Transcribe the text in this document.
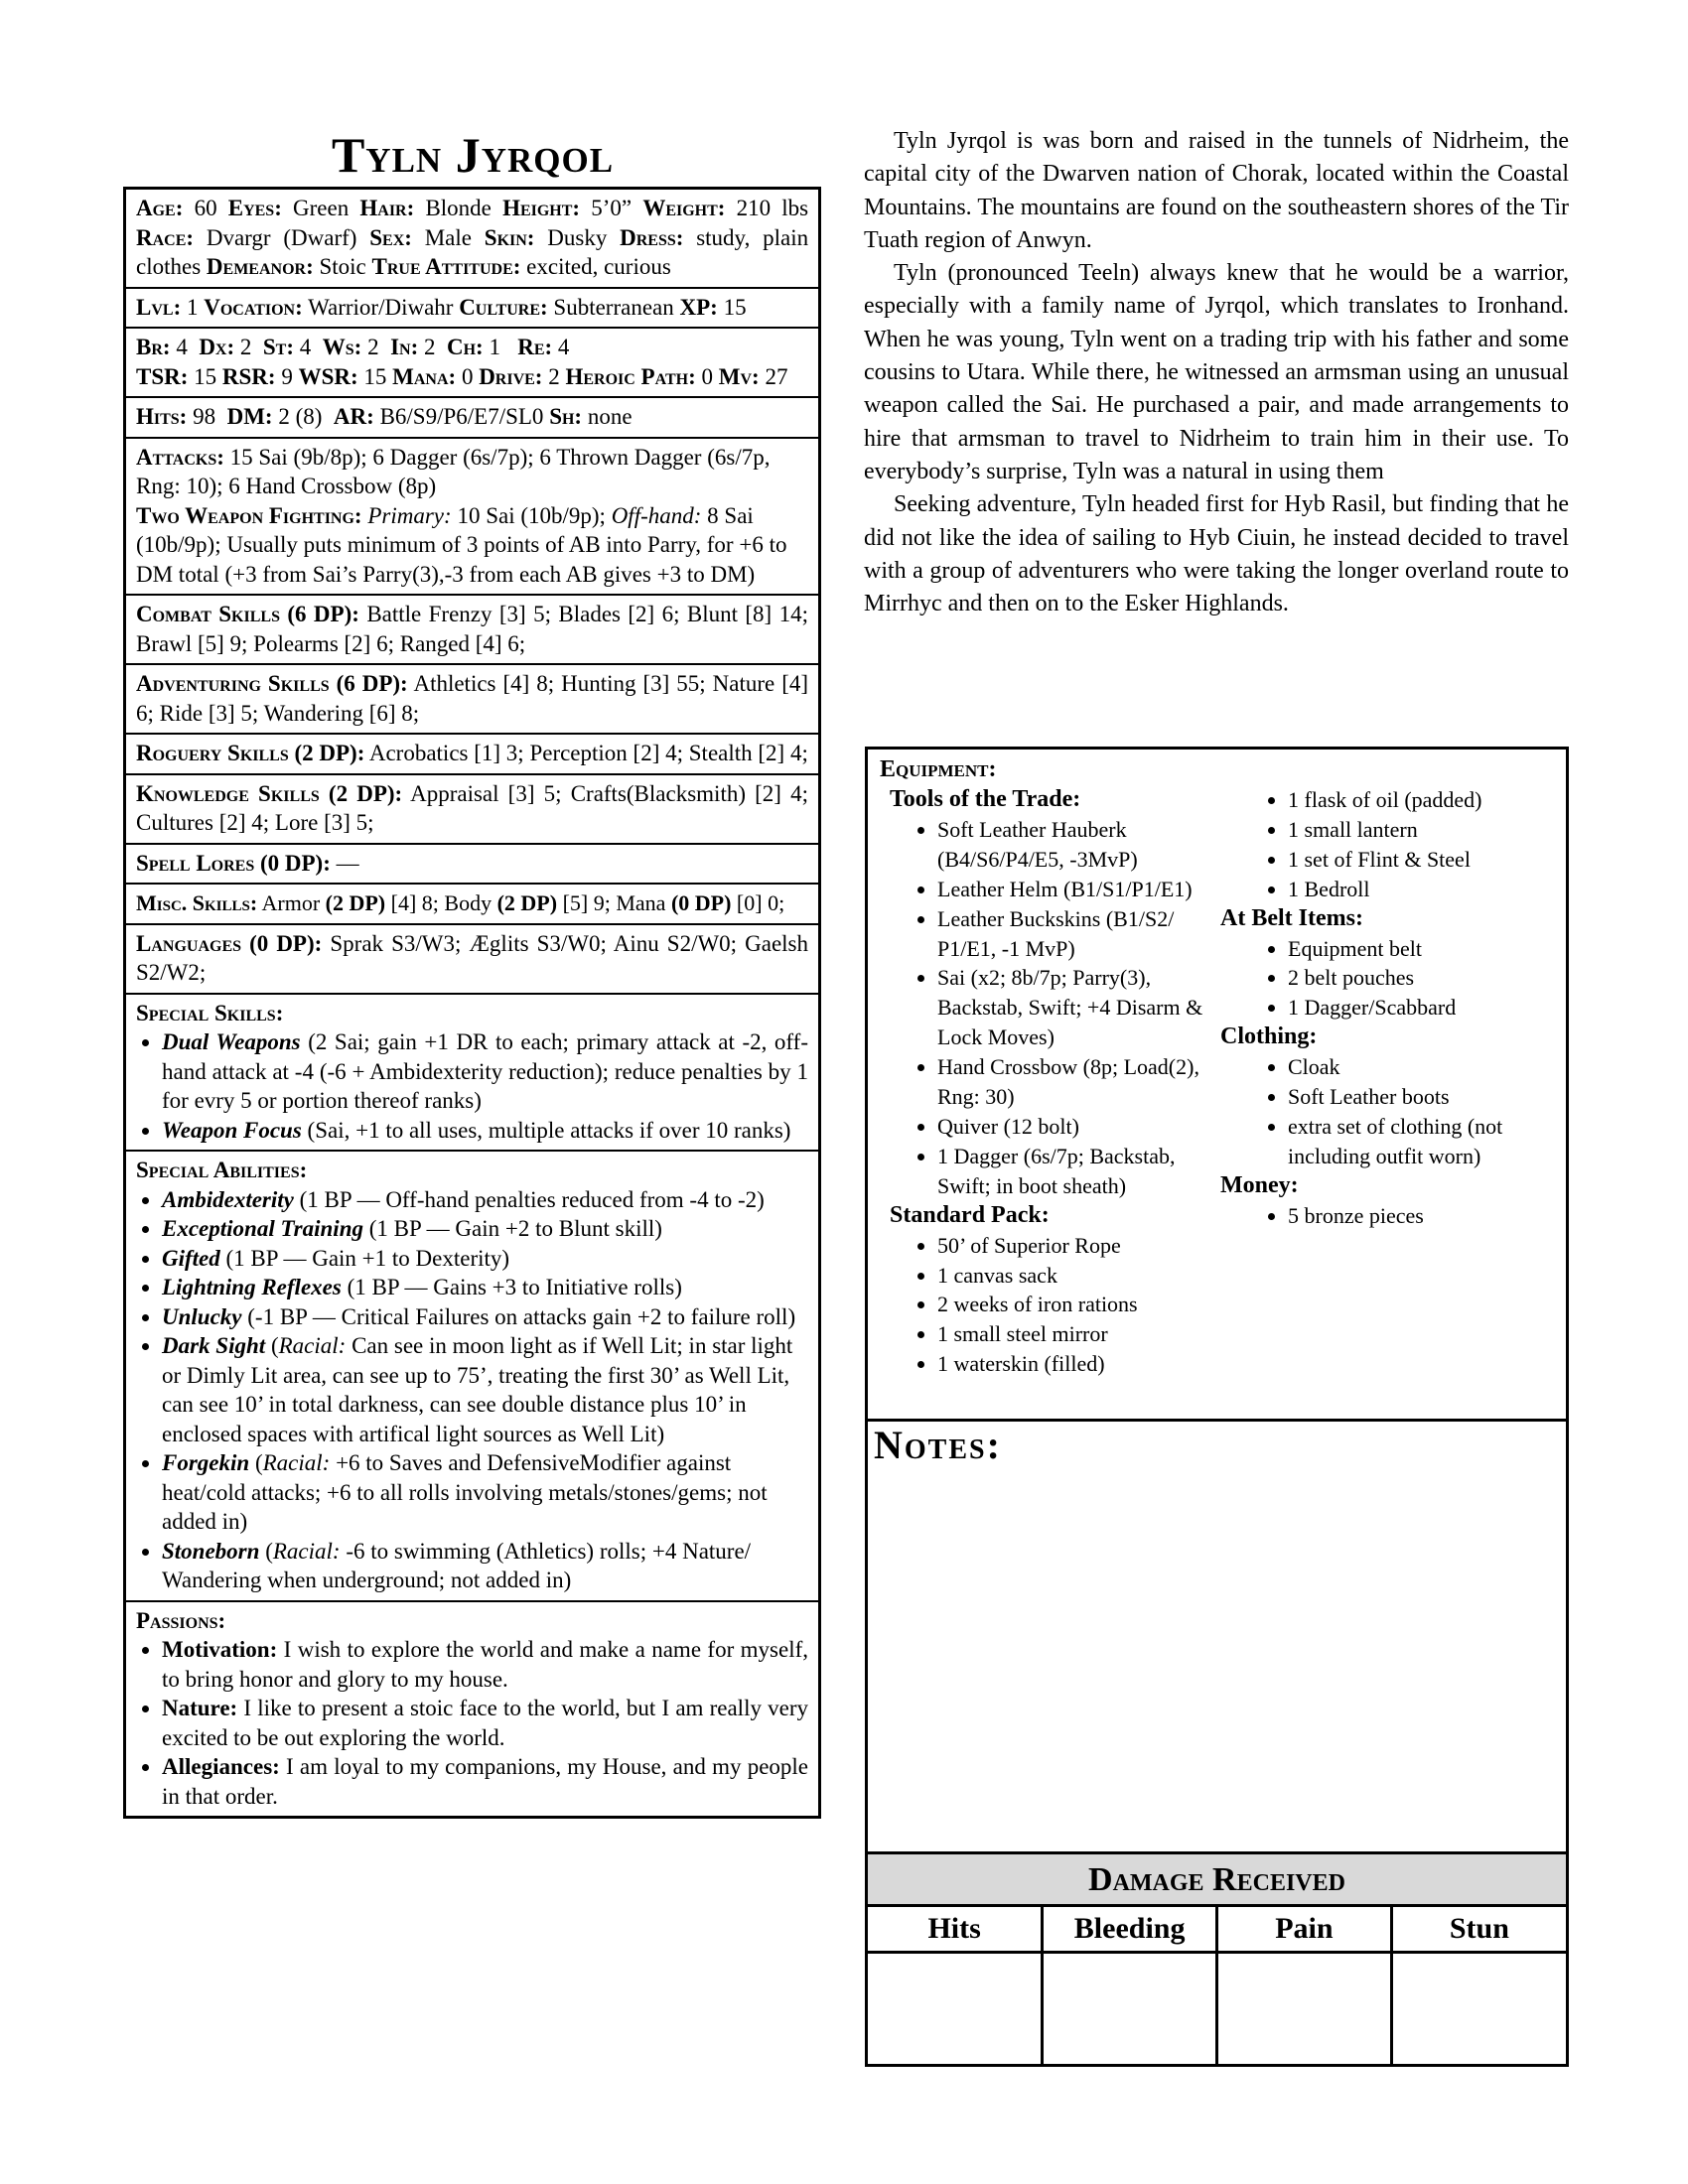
Tyln Jyrqol
Age: 60 Eyes: Green Hair: Blonde Height: 5’0” Weight: 210 lbs Race: Dvargr (Dwarf) Sex: Male Skin: Dusky Dress: study, plain clothes Demeanor: Stoic True Attitude: excited, curious
Lvl: 1 Vocation: Warrior/Diwahr Culture: Subterranean XP: 15
Br: 4 Dx: 2 St: 4 Ws: 2 In: 2 Ch: 1 Re: 4
TSR: 15 RSR: 9 WSR: 15 Mana: 0 Drive: 2 Heroic Path: 0 Mv: 27
Hits: 98 DM: 2 (8) AR: B6/S9/P6/E7/SL0 Sh: none
Attacks: 15 Sai (9b/8p); 6 Dagger (6s/7p); 6 Thrown Dagger (6s/7p, Rng: 10); 6 Hand Crossbow (8p)
Two Weapon Fighting: Primary: 10 Sai (10b/9p); Off-hand: 8 Sai (10b/9p); Usually puts minimum of 3 points of AB into Parry, for +6 to DM total (+3 from Sai’s Parry(3),-3 from each AB gives +3 to DM)
Combat Skills (6 DP): Battle Frenzy [3] 5; Blades [2] 6; Blunt [8] 14; Brawl [5] 9; Polearms [2] 6; Ranged [4] 6;
Adventuring Skills (6 DP): Athletics [4] 8; Hunting [3] 55; Nature [4] 6; Ride [3] 5; Wandering [6] 8;
Roguery Skills (2 DP): Acrobatics [1] 3; Perception [2] 4; Stealth [2] 4;
Knowledge Skills (2 DP): Appraisal [3] 5; Crafts(Blacksmith) [2] 4; Cultures [2] 4; Lore [3] 5;
Spell Lores (0 DP): —
Misc. Skills: Armor (2 DP) [4] 8; Body (2 DP) [5] 9; Mana (0 DP) [0] 0;
Languages (0 DP): Sprak S3/W3; Æglits S3/W0; Ainu S2/W0; Gaelsh S2/W2;
Special Skills:
• Dual Weapons (2 Sai; gain +1 DR to each; primary attack at -2, off-hand attack at -4 (-6 + Ambidexterity reduction); reduce penalties by 1 for evry 5 or portion thereof ranks)
• Weapon Focus (Sai, +1 to all uses, multiple attacks if over 10 ranks)
Special Abilities:
• Ambidexterity (1 BP — Off-hand penalties reduced from -4 to -2)
• Exceptional Training (1 BP — Gain +2 to Blunt skill)
• Gifted (1 BP — Gain +1 to Dexterity)
• Lightning Reflexes (1 BP — Gains +3 to Initiative rolls)
• Unlucky (-1 BP — Critical Failures on attacks gain +2 to failure roll)
• Dark Sight (Racial: Can see in moon light as if Well Lit; in star light or Dimly Lit area, can see up to 75’, treating the first 30’ as Well Lit, can see 10’ in total darkness, can see double distance plus 10’ in enclosed spaces with artifical light sources as Well Lit)
• Forgekin (Racial: +6 to Saves and DefensiveModifier against heat/cold attacks; +6 to all rolls involving metals/stones/gems; not added in)
• Stoneborn (Racial: -6 to swimming (Athletics) rolls; +4 Nature/ Wandering when underground; not added in)
Passions:
• Motivation: I wish to explore the world and make a name for myself, to bring honor and glory to my house.
• Nature: I like to present a stoic face to the world, but I am really very excited to be out exploring the world.
• Allegiances: I am loyal to my companions, my House, and my people in that order.

Tyln Jyrqol is was born and raised in the tunnels of Nidrheim, the capital city of the Dwarven nation of Chorak, located within the Coastal Mountains. The mountains are found on the southeastern shores of the Tir Tuath region of Anwyn.

Tyln (pronounced Teeln) always knew that he would be a warrior, especially with a family name of Jyrqol, which translates to Ironhand. When he was young, Tyln went on a trading trip with his father and some cousins to Utara. While there, he witnessed an armsman using an unusual weapon called the Sai. He purchased a pair, and made arrangements to hire that armsman to travel to Nidrheim to train him in their use. To everybody’s surprise, Tyln was a natural in using them

Seeking adventure, Tyln headed first for Hyb Rasil, but finding that he did not like the idea of sailing to Hyb Ciuin, he instead decided to travel with a group of adventurers who were taking the longer overland route to Mirrhyc and then on to the Esker Highlands.

Equipment:
Tools of the Trade:
• Soft Leather Hauberk (B4/S6/P4/E5, -3MvP)
• Leather Helm (B1/S1/P1/E1)
• Leather Buckskins (B1/S2/ P1/E1, -1 MvP)
• Sai (x2; 8b/7p; Parry(3), Backstab, Swift; +4 Disarm & Lock Moves)
• Hand Crossbow (8p; Load(2), Rng: 30)
• Quiver (12 bolt)
• 1 Dagger (6s/7p; Backstab, Swift; in boot sheath)
Standard Pack:
• 50’ of Superior Rope
• 1 canvas sack
• 2 weeks of iron rations
• 1 small steel mirror
• 1 waterskin (filled)
• 1 flask of oil (padded)
• 1 small lantern
• 1 set of Flint & Steel
• 1 Bedroll
At Belt Items:
• Equipment belt
• 2 belt pouches
• 1 Dagger/Scabbard
Clothing:
• Cloak
• Soft Leather boots
• extra set of clothing (not including outfit worn)
Money:
• 5 bronze pieces
Notes:
Damage Received
Hits	Bleeding	Pain	Stun
